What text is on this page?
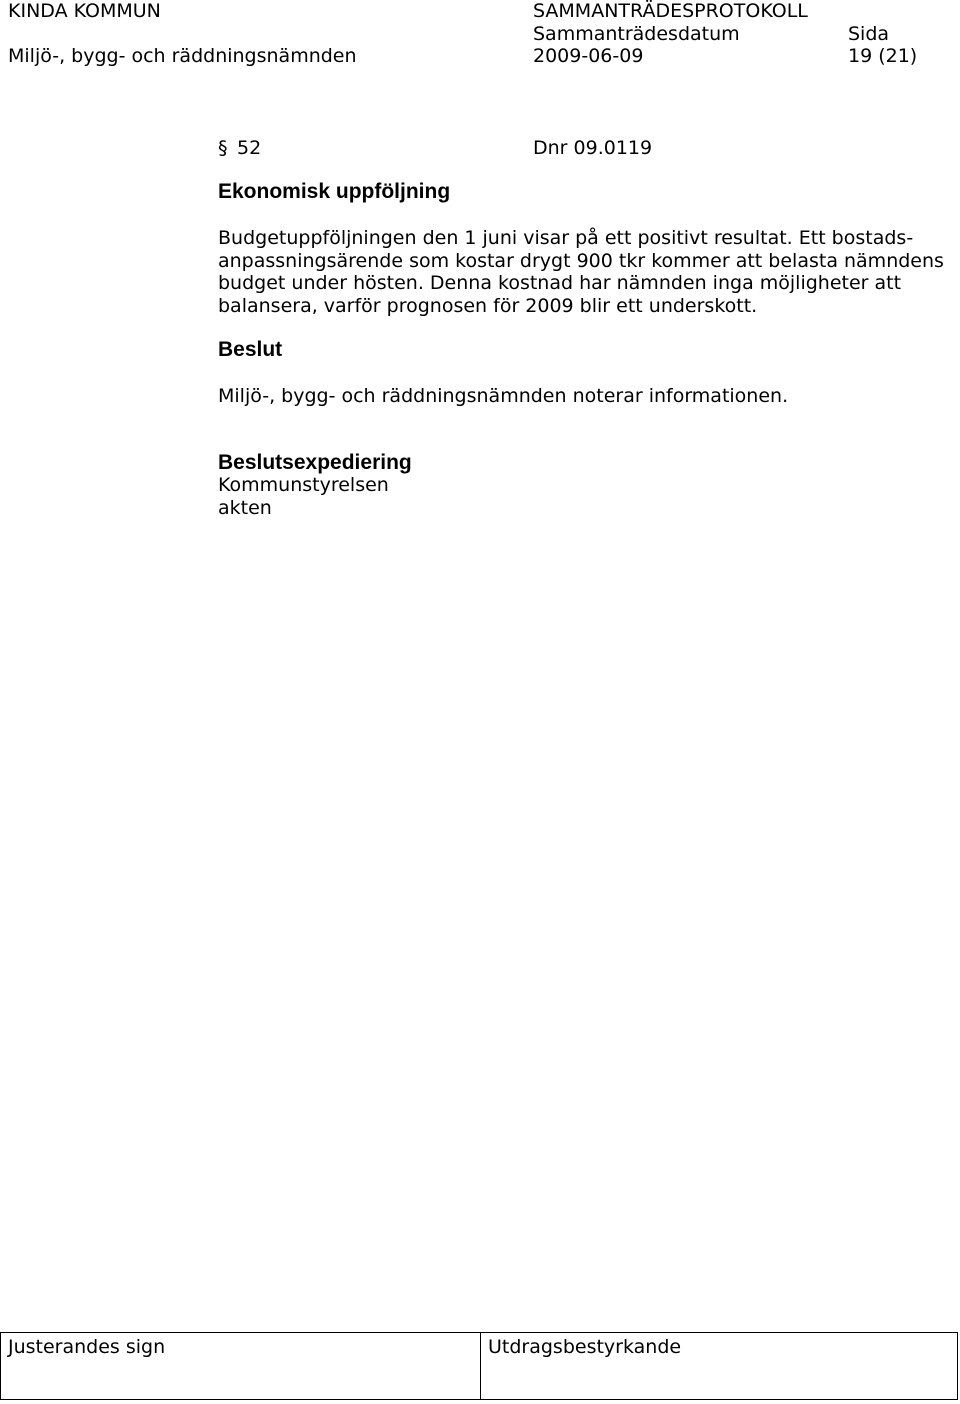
KINDA KOMMUN
Miljö-, bygg- och räddningsnämnden
SAMMANTRÄDESPROTOKOLL
Sammanträdesdatum
2009-06-09
Sida
19 (21)
§ 52	Dnr 09.0119
Ekonomisk uppföljning
Budgetuppföljningen den 1 juni visar på ett positivt resultat. Ett bostads-
anpassningsärende som kostar drygt 900 tkr kommer att belasta nämndens
budget under hösten. Denna kostnad har nämnden inga möjligheter att
balansera, varför prognosen för 2009 blir ett underskott.
Beslut
Miljö-, bygg- och räddningsnämnden noterar informationen.
Beslutsexpediering
Kommunstyrelsen
akten
Justerandes sign	Utdragsbestyrkande
